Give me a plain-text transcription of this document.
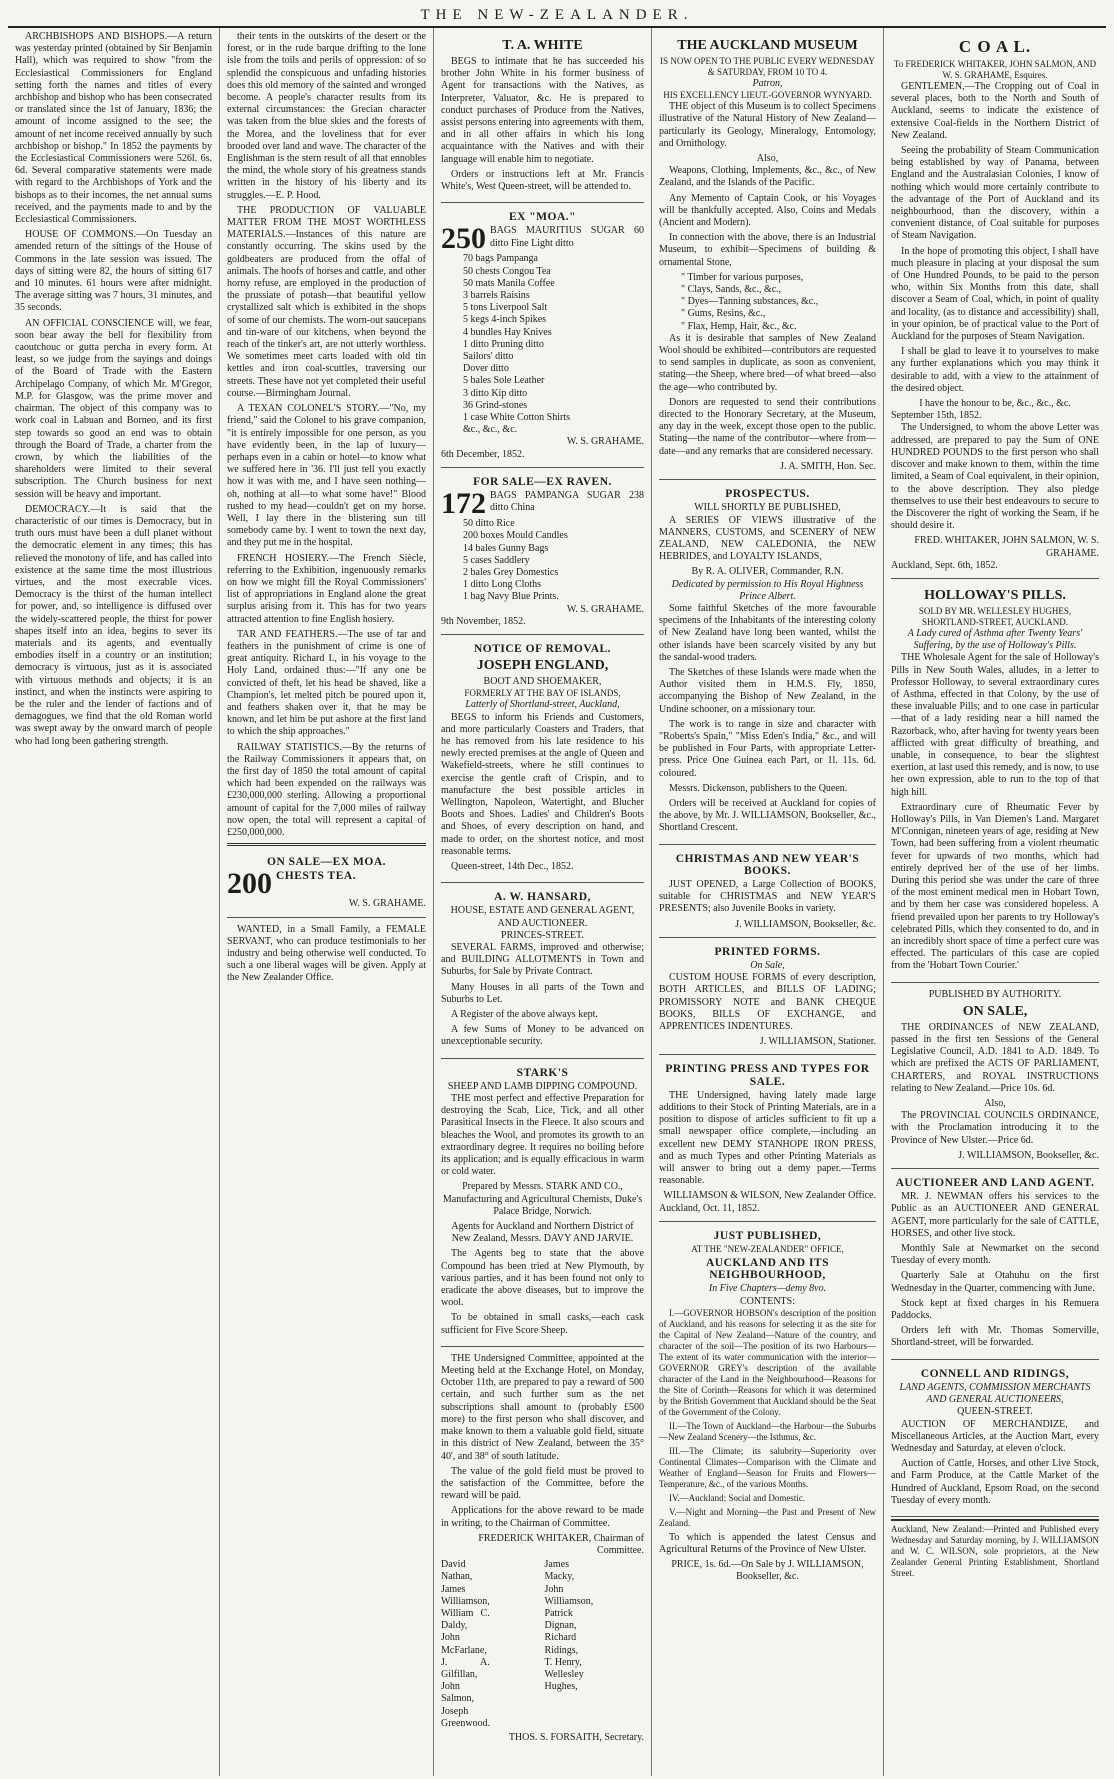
THE NEW-ZEALANDER.

ARCHBISHOPS AND BISHOPS.—A return was yesterday printed (obtained by Sir Benjamin Hall), which was required to show "from the Ecclesiastical Commissioners for England setting forth the names and titles of every archbishop and bishop who has been consecrated or translated since the 1st of January, 1836; the amount of income assigned to the see; the amount of net income received annually by such archbishop or bishop." In 1852 the payments by the Ecclesiastical Commissioners were 526l. 6s. 6d. Several comparative statements were made with regard to the Archbishops of York and the bishops as to their incomes, the net annual sums received, and the payments made to and by the Ecclesiastical Commissioners.

HOUSE OF COMMONS.—On Tuesday an amended return of the sittings of the House of Commons in the late session was issued. The days of sitting were 82, the hours of sitting 617 and 10 minutes. 61 hours were after midnight. The average sitting was 7 hours, 31 minutes, and 35 seconds.

AN OFFICIAL CONSCIENCE will, we fear, soon bear away the bell for flexibility from caoutchouc or gutta percha in every form. At least, so we judge from the sayings and doings of the Board of Trade with the Eastern Archipelago Company, of which Mr. M'Gregor, M.P. for Glasgow, was the prime mover and chairman. The object of this company was to work coal in Labuan and Borneo, and its first step towards so good an end was to obtain through the Board of Trade, a charter from the crown, by which the liabilities of the shareholders were limited to their several subscription. The Church business for next session will be heavy and important.

DEMOCRACY.—It is said that the characteristic of our times is Democracy, but in truth ours must have been a dull planet without the democratic element in any times; this has relieved the monotony of life, and has called into existence at the same time the most illustrious virtues, and the most execrable vices. Democracy is the thirst of the human intellect for power, and, so intelligence is diffused over the widely-scattered people, the thirst for power shapes itself into an idea, begins to sever its materials and its agents, and eventually embodies itself in a country or an institution; democracy is virtuous, just as it is associated with virtuous methods and objects; it is an instinct, and when the instincts were aspiring to be the ruler and the lender of factions and of demagogues, we find that the old Roman world was swept away by the onward march of people who had long been gathering strength.

their tents in the outskirts of the desert or the forest, or in the rude barque drifting to the lone isle from the toils and perils of oppression: of so splendid the conspicuous and unfading histories does this old memory of the sainted and wronged become. A people's character results from its external circumstances: the Grecian character was taken from the blue skies and the forests of the Morea, and the loveliness that for ever brooded over land and wave. The character of the Englishman is the stern result of all that ennobles the mind, the whole story of his greatness stands written in the history of his liberty and its struggles.—E. P. Hood.

THE PRODUCTION OF VALUABLE MATTER FROM THE MOST WORTHLESS MATERIALS.—Instances of this nature are constantly occurring. The skins used by the goldbeaters are produced from the offal of animals. The hoofs of horses and cattle, and other horny refuse, are employed in the production of the prussiate of potash—that beautiful yellow crystallized salt which is exhibited in the shops of some of our chemists. The worn-out saucepans and tin-ware of our kitchens, when beyond the reach of the tinker's art, are not utterly worthless. We sometimes meet carts loaded with old tin kettles and iron coal-scuttles, traversing our streets. These have not yet completed their useful course.—Birmingham Journal.

A TEXAN COLONEL'S STORY.—"No, my friend," said the Colonel to his grave companion, "it is entirely impossible for one person, as you have evidently been, in the lap of luxury—perhaps even in a cabin or hotel—to know what we suffered here in '36. I'll just tell you exactly how it was with me, and I have seen nothing—oh, nothing at all—to what some have!" Blood rushed to my head—couldn't get on my horse. Well, I lay there in the blistering sun till somebody came by. I went to town the next day, and they put me in the hospital.

FRENCH HOSIERY.—The French Siècle, referring to the Exhibition, ingenuously remarks on how we might fill the Royal Commissioners' list of appropriations in England alone the great surplus arising from it. This has for two years attracted attention to fine English hosiery.

TAR AND FEATHERS.—The use of tar and feathers in the punishment of crime is one of great antiquity. Richard I., in his voyage to the Holy Land, ordained thus:—"If any one be convicted of theft, let his head be shaved, like a Champion's, let melted pitch be poured upon it, and feathers shaken over it, that he may be known, and let him be put ashore at the first land to which the ship approaches."

RAILWAY STATISTICS.—By the returns of the Railway Commissioners it appears that, on the first day of 1850 the total amount of capital which had been expended on the railways was £230,000,000 sterling. Allowing a proportional amount of capital for the 7,000 miles of railway now open, the total will represent a capital of £250,000,000.

ON SALE—EX MOA.
200 CHESTS TEA.
W. S. GRAHAME.

WANTED, in a Small Family, a FEMALE SERVANT, who can produce testimonials to her industry and being otherwise well conducted. To such a one liberal wages will be given. Apply at the New Zealander Office.

T. A. WHITE

BEGS to intimate that he has succeeded his brother John White in his former business of Agent for transactions with the Natives, as Interpreter, Valuator, &c. He is prepared to conduct purchases of Produce from the Natives, assist persons entering into agreements with them, and in all other affairs in which his long acquaintance with the Natives and with their language will enable him to negotiate.

Orders or instructions left at Mr. Francis White's, West Queen-street, will be attended to.

EX "MOA."
250 BAGS MAURITIUS SUGAR 60 ditto Fine Light ditto
70 bags Pampanga
50 chests Congou Tea
50 mats Manila Coffee
3 barrels Raisins
5 tons Liverpool Salt
5 kegs 4-inch Spikes
4 bundles Hay Knives
1 ditto Pruning ditto
Sailors' ditto
Dover ditto
5 bales Sole Leather
3 ditto Kip ditto
36 Grind-stones
1 case White Cotton Shirts
&c., &c., &c.
W. S. GRAHAME.
6th December, 1852.
FOR SALE—EX RAVEN.
172 BAGS PAMPANGA SUGAR 238 ditto China
50 ditto Rice
200 boxes Mould Candles
14 bales Gunny Bags
5 cases Saddlery
2 bales Grey Domestics
1 ditto Long Cloths
1 bag Navy Blue Prints.
W. S. GRAHAME.
9th November, 1852.
NOTICE OF REMOVAL.
JOSEPH ENGLAND,
BOOT AND SHOEMAKER,
FORMERLY AT THE BAY OF ISLANDS,
Latterly of Shortland-street, Auckland,

BEGS to inform his Friends and Customers, and more particularly Coasters and Traders, that he has removed from his late residence to his newly erected premises at the angle of Queen and Wakefield-streets, where he still continues to exercise the gentle craft of Crispin, and to manufacture the best possible articles in Wellington, Napoleon, Watertight, and Blucher Boots and Shoes. Ladies' and Children's Boots and Shoes, of every description on hand, and made to order, on the shortest notice, and most reasonable terms.

Queen-street, 14th Dec., 1852.

A. W. HANSARD,
HOUSE, ESTATE AND GENERAL AGENT, AND AUCTIONEER.
PRINCES-STREET.

SEVERAL FARMS, improved and otherwise; and BUILDING ALLOTMENTS in Town and Suburbs, for Sale by Private Contract.

Many Houses in all parts of the Town and Suburbs to Let.

A Register of the above always kept.

A few Sums of Money to be advanced on unexceptionable security.

STARK'S
SHEEP AND LAMB DIPPING COMPOUND.

THE most perfect and effective Preparation for destroying the Scab, Lice, Tick, and all other Parasitical Insects in the Fleece. It also scours and bleaches the Wool, and promotes its growth to an extraordinary degree. It requires no boiling before its application; and is equally efficacious in warm or cold water.

Prepared by Messrs. STARK AND CO., Manufacturing and Agricultural Chemists, Duke's Palace Bridge, Norwich.

Agents for Auckland and Northern District of New Zealand, Messrs. DAVY AND JARVIE.

The Agents beg to state that the above Compound has been tried at New Plymouth, by various parties, and it has been found not only to eradicate the above diseases, but to improve the wool.

To be obtained in small casks,—each cask sufficient for Five Score Sheep.

THE Undersigned Committee, appointed at the Meeting held at the Exchange Hotel, on Monday, October 11th, are prepared to pay a reward of 500 certain, and such further sum as the net subscriptions shall amount to (probably £500 more) to the first person who shall discover, and make known to them a valuable gold field, situate in this district of New Zealand, between the 35° 40', and 38° of south latitude.

The value of the gold field must be proved to the satisfaction of the Committee, before the reward will be paid.

Applications for the above reward to be made in writing, to the Chairman of Committee.

FREDERICK WHITAKER, Chairman of Committee.
David Nathan,
James Williamson,
William C. Daldy,
John McFarlane,
J. A. Gilfillan,
John Salmon,
Joseph Greenwood.
James Macky,
John Williamson,
Patrick Dignan,
Richard Ridings,
T. Henry,
Wellesley Hughes,
THOS. S. FORSAITH, Secretary.
THE AUCKLAND MUSEUM
IS NOW OPEN TO THE PUBLIC EVERY WEDNESDAY & SATURDAY, FROM 10 TO 4.
Patron,
HIS EXCELLENCY LIEUT.-GOVERNOR WYNYARD.

THE object of this Museum is to collect Specimens illustrative of the Natural History of New Zealand—particularly its Geology, Mineralogy, Entomology, and Ornithology.

Also,

Weapons, Clothing, Implements, &c., &c., of New Zealand, and the Islands of the Pacific.

Any Memento of Captain Cook, or his Voyages will be thankfully accepted. Also, Coins and Medals (Ancient and Modern).

In connection with the above, there is an Industrial Museum, to exhibit—Specimens of building & ornamental Stone,

" Timber for various purposes,
" Clays, Sands, &c., &c.,
" Dyes—Tanning substances, &c.,
" Gums, Resins, &c.,
" Flax, Hemp, Hair, &c., &c.

As it is desirable that samples of New Zealand Wool should be exhibited—contributors are requested to send samples in duplicate, as soon as convenient, stating—the Sheep, where bred—of what breed—also the age—who contributed by.

Donors are requested to send their contributions directed to the Honorary Secretary, at the Museum, any day in the week, except those open to the public. Stating—the name of the contributor—where from—date—and any remarks that are considered necessary.

J. A. SMITH, Hon. Sec.
PROSPECTUS.
WILL SHORTLY BE PUBLISHED,

A SERIES OF VIEWS illustrative of the MANNERS, CUSTOMS, and SCENERY of NEW ZEALAND, NEW CALEDONIA, the NEW HEBRIDES, and LOYALTY ISLANDS,

By R. A. OLIVER, Commander, R.N.
Dedicated by permission to His Royal Highness Prince Albert.

Some faithful Sketches of the more favourable specimens of the Inhabitants of the interesting colony of New Zealand have long been wanted, whilst the other islands have been scarcely visited by any but the sandal-wood traders.

The Sketches of these Islands were made when the Author visited them in H.M.S. Fly, 1850, accompanying the Bishop of New Zealand, in the Undine schooner, on a missionary tour.

The work is to range in size and character with "Roberts's Spain," "Miss Eden's India," &c., and will be published in Four Parts, with appropriate Letter-press. Price One Guinea each Part, or 1l. 11s. 6d. coloured.

Messrs. Dickenson, publishers to the Queen.

Orders will be received at Auckland for copies of the above, by Mr. J. WILLIAMSON, Bookseller, &c., Shortland Crescent.

CHRISTMAS AND NEW YEAR'S BOOKS.

JUST OPENED, a Large Collection of BOOKS, suitable for CHRISTMAS and NEW YEAR'S PRESENTS; also Juvenile Books in variety.

J. WILLIAMSON, Bookseller, &c.
PRINTED FORMS.
On Sale,

CUSTOM HOUSE FORMS of every description, BOTH ARTICLES, and BILLS OF LADING; PROMISSORY NOTE and BANK CHEQUE BOOKS, BILLS OF EXCHANGE, and APPRENTICES INDENTURES.

J. WILLIAMSON, Stationer.
PRINTING PRESS AND TYPES FOR SALE.

THE Undersigned, having lately made large additions to their Stock of Printing Materials, are in a position to dispose of articles sufficient to fit up a small newspaper office complete,—including an excellent new DEMY STANHOPE IRON PRESS, and as much Types and other Printing Materials as will answer to bring out a demy paper.—Terms reasonable.

WILLIAMSON & WILSON, New Zealander Office.
Auckland, Oct. 11, 1852.
JUST PUBLISHED,
AT THE "NEW-ZEALANDER" OFFICE,
AUCKLAND AND ITS NEIGHBOURHOOD,
In Five Chapters—demy 8vo.
CONTENTS:

I.—GOVERNOR HOBSON's description of the position of Auckland, and his reasons for selecting it as the site for the Capital of New Zealand—Nature of the country, and character of the soil—The position of its two Harbours—The extent of its water communication with the interior—GOVERNOR GREY's description of the available character of the Land in the Neighbourhood—Reasons for the Site of Corinth—Reasons for which it was determined by the British Government that Auckland should be the Seat of the Government of the Colony.

II.—The Town of Auckland—the Harbour—the Suburbs—New Zealand Scenery—the Isthmus, &c.

III.—The Climate; its salubrity—Superiority over Continental Climates—Comparison with the Climate and Weather of England—Season for Fruits and Flowers—Temperature, &c., of the various Months.

IV.—Auckland: Social and Domestic.

V.—Night and Morning—the Past and Present of New Zealand.

To which is appended the latest Census and Agricultural Returns of the Province of New Ulster.

PRICE, 1s. 6d.—On Sale by J. WILLIAMSON, Bookseller, &c.
C O A L.
To FREDERICK WHITAKER, JOHN SALMON, AND W. S. GRAHAME, Esquires.

GENTLEMEN,—The Cropping out of Coal in several places, both to the North and South of Auckland, seems to indicate the existence of extensive Coal-fields in the Northern District of New Zealand.

Seeing the probability of Steam Communication being established by way of Panama, between England and the Australasian Colonies, I know of nothing which would more certainly contribute to the advantage of the Port of Auckland and its neighbourhood, than the discovery, within a convenient distance, of Coal suitable for purposes of Steam Navigation.

In the hope of promoting this object, I shall have much pleasure in placing at your disposal the sum of One Hundred Pounds, to be paid to the person who, within Six Months from this date, shall discover a Seam of Coal, which, in point of quality and locality, (as to distance and accessibility) shall, in your opinion, be of practical value to the Port of Auckland for the purposes of Steam Navigation.

I shall be glad to leave it to yourselves to make any further explanations which you may think it desirable to add, with a view to the attainment of the desired object.

I have the honour to be, &c., &c., &c.
September 15th, 1852.

The Undersigned, to whom the above Letter was addressed, are prepared to pay the Sum of ONE HUNDRED POUNDS to the first person who shall discover and make known to them, within the time limited, a Seam of Coal equivalent, in their opinion, to the above description. They also pledge themselves to use their best endeavours to secure to the Discoverer the right of working the Seam, if he should desire it.

FRED. WHITAKER, JOHN SALMON, W. S. GRAHAME.
Auckland, Sept. 6th, 1852.
HOLLOWAY'S PILLS.
SOLD BY MR. WELLESLEY HUGHES, SHORTLAND-STREET, AUCKLAND.
A Lady cured of Asthma after Twenty Years' Suffering, by the use of Holloway's Pills.

THE Wholesale Agent for the sale of Holloway's Pills in New South Wales, alludes, in a letter to Professor Holloway, to several extraordinary cures of Asthma, effected in that Colony, by the use of these invaluable Pills; and to one case in particular—that of a lady residing near a hill named the Razorback, who, after having for twenty years been afflicted with great difficulty of breathing, and unable, in consequence, to bear the slightest exertion, at last used this remedy, and is now, to use her own expression, able to run to the top of that high hill.

Extraordinary cure of Rheumatic Fever by Holloway's Pills, in Van Diemen's Land. Margaret M'Connigan, nineteen years of age, residing at New Town, had been suffering from a violent rheumatic fever for upwards of two months, which had entirely deprived her of the use of her limbs. During this period she was under the care of three of the most eminent medical men in Hobart Town, and by them her case was considered hopeless. A friend prevailed upon her parents to try Holloway's celebrated Pills, which they consented to do, and in an incredibly short space of time a perfect cure was effected. The particulars of this case are copied from the 'Hobart Town Courier.'

PUBLISHED BY AUTHORITY.
ON SALE,

THE ORDINANCES of NEW ZEALAND, passed in the first ten Sessions of the General Legislative Council, A.D. 1841 to A.D. 1849. To which are prefixed the ACTS OF PARLIAMENT, CHARTERS, and ROYAL INSTRUCTIONS relating to New Zealand.—Price 10s. 6d.

Also,

The PROVINCIAL COUNCILS ORDINANCE, with the Proclamation introducing it to the Province of New Ulster.—Price 6d.

J. WILLIAMSON, Bookseller, &c.
AUCTIONEER AND LAND AGENT.

MR. J. NEWMAN offers his services to the Public as an AUCTIONEER AND GENERAL AGENT, more particularly for the sale of CATTLE, HORSES, and other live stock.

Monthly Sale at Newmarket on the second Tuesday of every month.

Quarterly Sale at Otahuhu on the first Wednesday in the Quarter, commencing with June.

Stock kept at fixed charges in his Remuera Paddocks.

Orders left with Mr. Thomas Somerville, Shortland-street, will be forwarded.

CONNELL AND RIDINGS,
LAND AGENTS, COMMISSION MERCHANTS AND GENERAL AUCTIONEERS,
QUEEN-STREET.

AUCTION OF MERCHANDIZE, and Miscellaneous Articles, at the Auction Mart, every Wednesday and Saturday, at eleven o'clock.

Auction of Cattle, Horses, and other Live Stock, and Farm Produce, at the Cattle Market of the Hundred of Auckland, Epsom Road, on the second Tuesday of every month.

Auckland, New Zealand:—Printed and Published every Wednesday and Saturday morning, by J. WILLIAMSON and W. C. WILSON, sole proprietors, at the New Zealander General Printing Establishment, Shortland Street.
